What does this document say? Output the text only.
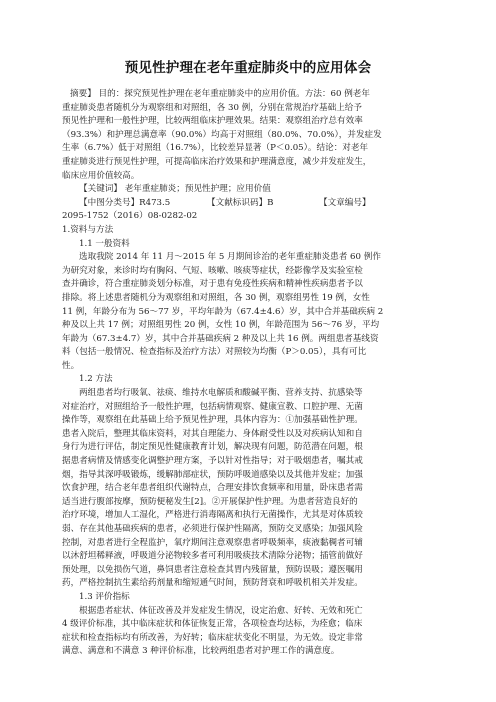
预见性护理在老年重症肺炎中的应用体会
摘要】 目的：探究预见性护理在老年重症肺炎中的应用价值。方法：60 例老年
重症肺炎患者随机分为观察组和对照组，各 30 例，分别在常规治疗基础上给予
预见性护理和一般性护理，比较两组临床护理效果。结果：观察组治疗总有效率
（93.3%）和护理总满意率（90.0%）均高于对照组（80.0%、70.0%），并发症发
生率（6.7%）低于对照组（16.7%），比较差异显著（P＜0.05）。结论：对老年
重症肺炎进行预见性护理，可提高临床治疗效果和护理满意度，减少并发症发生，
临床应用价值较高。
【关键词】 老年重症肺炎；预见性护理；应用价值
【中图分类号】R473.5	【文献标识码】B	【文章编号】
2095-1752（2016）08-0282-02
1.资料与方法
1.1 一般资料
选取我院 2014 年 11 月～2015 年 5 月期间诊治的老年重症肺炎患者 60 例作
为研究对象，来诊时均有胸闷、气短、咳嗽、咳痰等症状，经影像学及实验室检
查并确诊，符合重症肺炎划分标准，对于患有免疫性疾病和精神性疾病患者予以
排除。将上述患者随机分为观察组和对照组，各 30 例，观察组男性 19 例，女性
11 例，年龄分布为 56～77 岁，平均年龄为（67.4±4.6）岁，其中合并基础疾病 2
种及以上共 17 例；对照组男性 20 例，女性 10 例，年龄范围为 56～76 岁，平均
年龄为（67.3±4.7）岁，其中合并基础疾病 2 种及以上共 16 例。两组患者基线资
料（包括一般情况、检查指标及治疗方法）对照较为均衡（P＞0.05），具有可比
性。
1.2 方法
两组患者均行吸氧、祛痰、维持水电解质和酸碱平衡、营养支持、抗感染等
对症治疗，对照组给予一般性护理，包括病情观察、健康宣教、口腔护理、无菌
操作等，观察组在此基础上给予预见性护理，具体内容为：①加强基础性护理。
患者入院后，整理其临床资料，对其自理能力、身体耐受性以及对疾病认知和自
身行为进行评估，制定预见性健康教育计划，解决现有问题，防范潜在问题，根
据患者病情及情感变化调整护理方案，予以针对性指导；对于吸烟患者，嘱其戒
烟，指导其深呼吸锻炼，缓解肺部症状，预防呼吸道感染以及其他并发症；加强
饮食护理，结合老年患者组织代谢特点，合理安排饮食频率和用量，卧床患者需
适当进行腹部按摩，预防便秘发生[2]。②开展保护性护理。为患者营造良好的
治疗环境，增加人工湿化，严格进行消毒隔离和执行无菌操作，尤其是对体质较
弱、存在其他基础疾病的患者，必须进行保护性隔离，预防交叉感染；加强风险
控制，对患者进行全程监护，氧疗期间注意观察患者呼吸频率，痰液黏稠者可辅
以沐舒坦稀释液，呼吸道分泌物较多者可利用吸痰技术清除分泌物；插管前做好
预处理，以免损伤气道，鼻饲患者注意检查其胃内残留量，预防误吸；遵医嘱用
药，严格控制抗生素给药剂量和缩短通气时间，预防肾衰和呼吸机相关并发症。
1.3 评价指标
根据患者症状、体征改善及并发症发生情况，设定治愈、好转、无效和死亡
4 级评价标准，其中临床症状和体征恢复正常，各项检查均达标，为痊愈；临床
症状和检查指标均有所改善，为好转；临床症状变化不明显，为无效。设定非常
满意、满意和不满意 3 种评价标准，比较两组患者对护理工作的满意度。
